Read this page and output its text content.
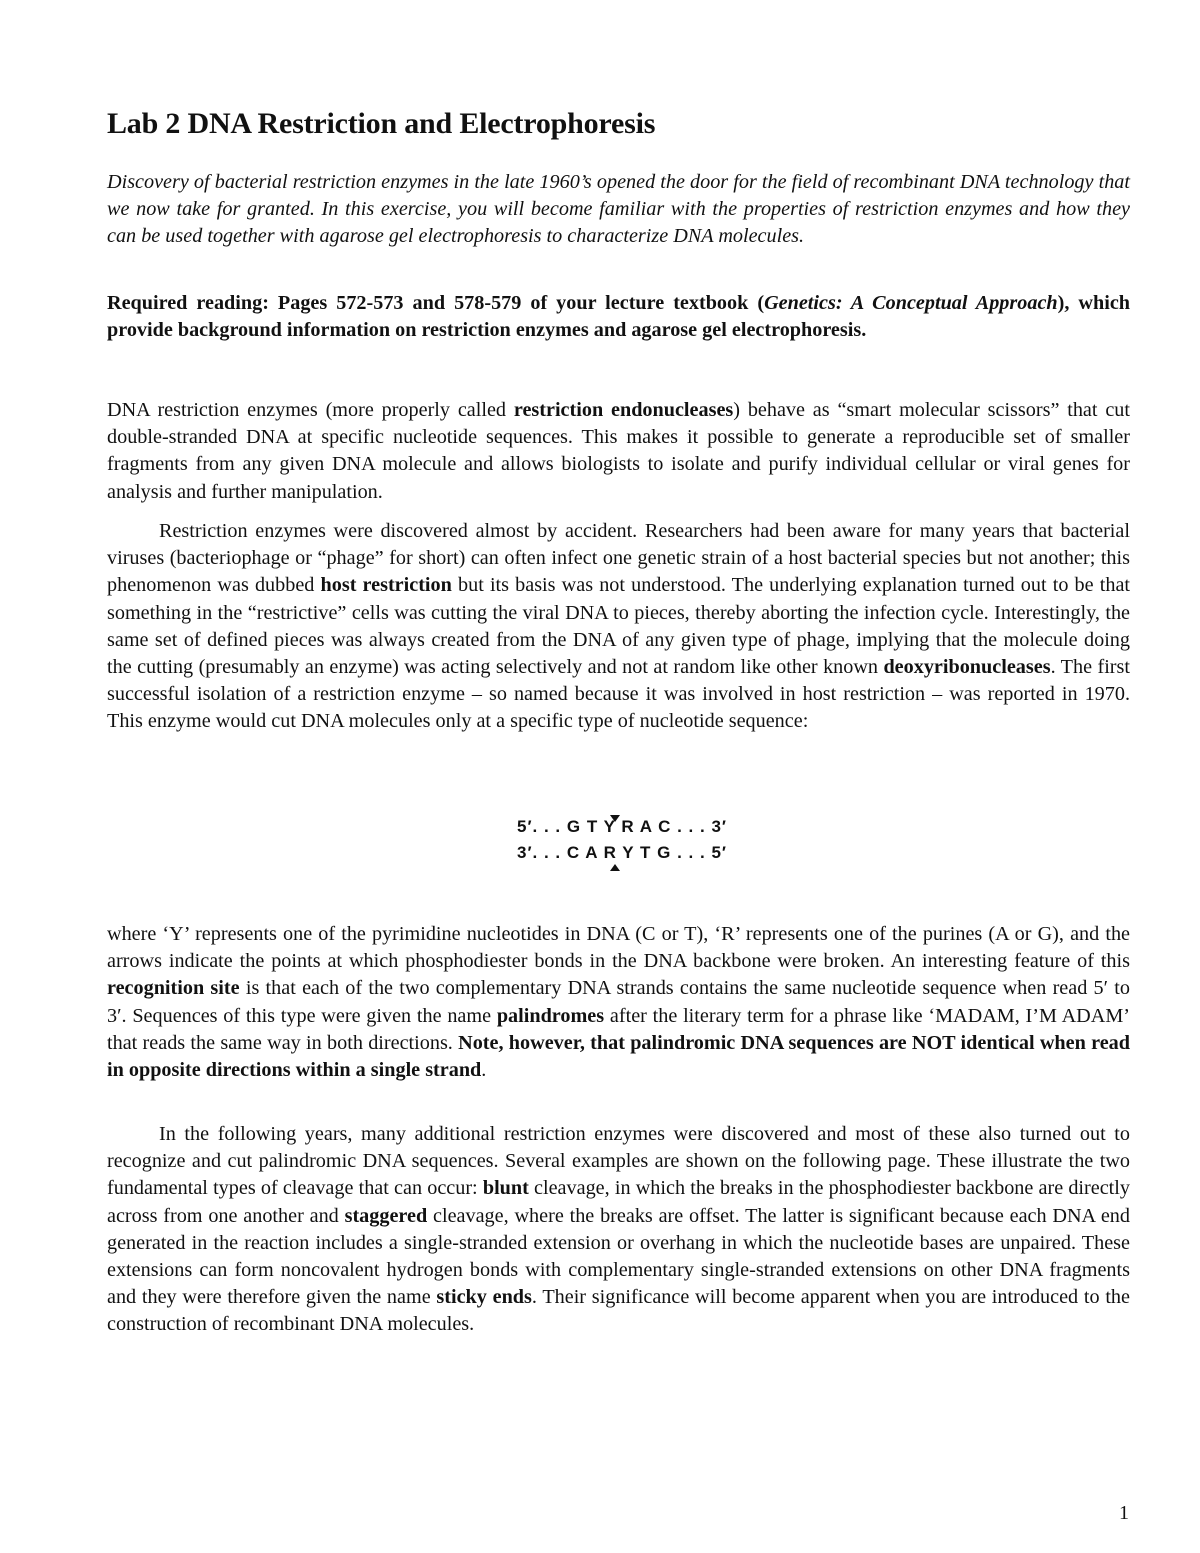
Lab 2 DNA Restriction and Electrophoresis

Discovery of bacterial restriction enzymes in the late 1960’s opened the door for the field of recombinant DNA technology that we now take for granted. In this exercise, you will become familiar with the properties of restriction enzymes and how they can be used together with agarose gel electrophoresis to characterize DNA molecules.

Required reading: Pages 572-573 and 578-579 of your lecture textbook (Genetics: A Conceptual Approach), which provide background information on restriction enzymes and agarose gel electrophoresis.

DNA restriction enzymes (more properly called restriction endonucleases) behave as “smart molecular scissors” that cut double-stranded DNA at specific nucleotide sequences. This makes it possible to generate a reproducible set of smaller fragments from any given DNA molecule and allows biologists to isolate and purify individual cellular or viral genes for analysis and further manipulation.

Restriction enzymes were discovered almost by accident. Researchers had been aware for many years that bacterial viruses (bacteriophage or “phage” for short) can often infect one genetic strain of a host bacterial species but not another; this phenomenon was dubbed host restriction but its basis was not understood. The underlying explanation turned out to be that something in the “restrictive” cells was cutting the viral DNA to pieces, thereby aborting the infection cycle. Interestingly, the same set of defined pieces was always created from the DNA of any given type of phage, implying that the molecule doing the cutting (presumably an enzyme) was acting selectively and not at random like other known deoxyribonucleases. The first successful isolation of a restriction enzyme – so named because it was involved in host restriction – was reported in 1970. This enzyme would cut DNA molecules only at a specific type of nucleotide sequence:

5′. . . G T Y R A C . . . 3′
3′. . . C A R Y T G . . . 5′

where ‘Y’ represents one of the pyrimidine nucleotides in DNA (C or T), ‘R’ represents one of the purines (A or G), and the arrows indicate the points at which phosphodiester bonds in the DNA backbone were broken. An interesting feature of this recognition site is that each of the two complementary DNA strands contains the same nucleotide sequence when read 5′ to 3′. Sequences of this type were given the name palindromes after the literary term for a phrase like ‘MADAM, I’M ADAM’ that reads the same way in both directions. Note, however, that palindromic DNA sequences are NOT identical when read in opposite directions within a single strand.

In the following years, many additional restriction enzymes were discovered and most of these also turned out to recognize and cut palindromic DNA sequences. Several examples are shown on the following page. These illustrate the two fundamental types of cleavage that can occur: blunt cleavage, in which the breaks in the phosphodiester backbone are directly across from one another and staggered cleavage, where the breaks are offset. The latter is significant because each DNA end generated in the reaction includes a single-stranded extension or overhang in which the nucleotide bases are unpaired. These extensions can form noncovalent hydrogen bonds with complementary single-stranded extensions on other DNA fragments and they were therefore given the name sticky ends. Their significance will become apparent when you are introduced to the construction of recombinant DNA molecules.

1
